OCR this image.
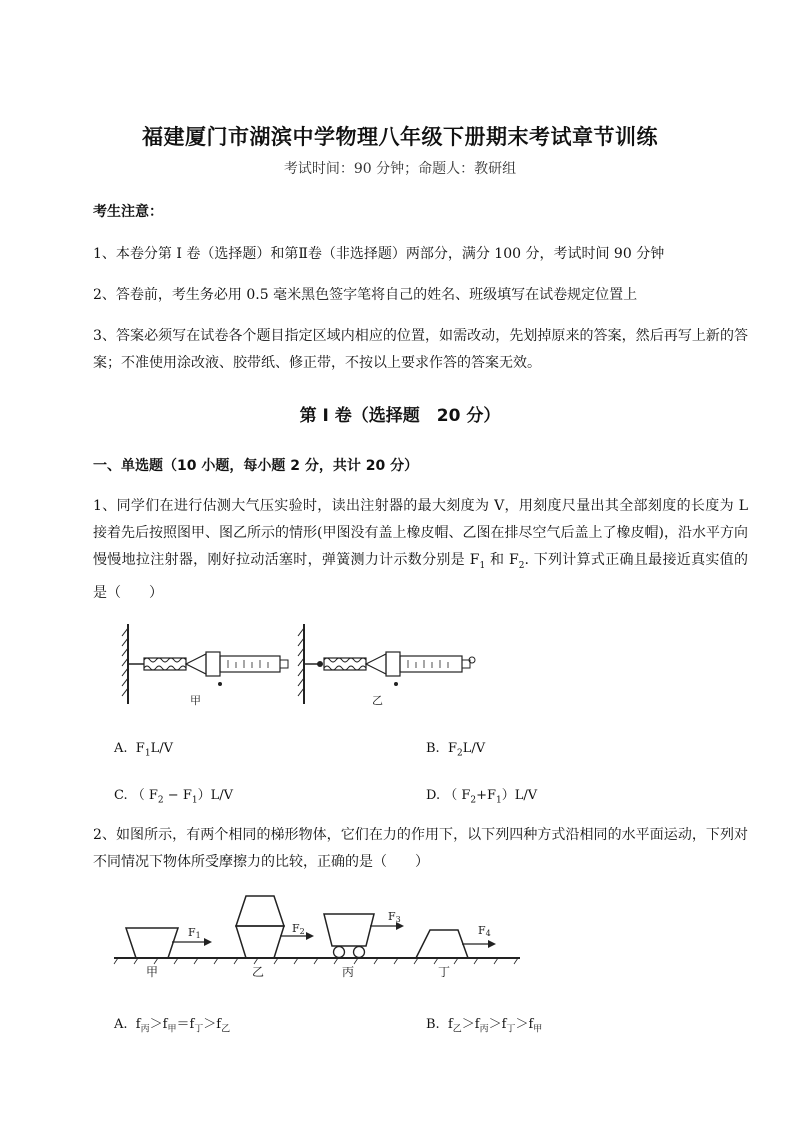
福建厦门市湖滨中学物理八年级下册期末考试章节训练
考试时间：90 分钟；命题人：教研组
考生注意：
1、本卷分第 I 卷（选择题）和第Ⅱ卷（非选择题）两部分，满分 100 分，考试时间 90 分钟
2、答卷前，考生务必用 0.5 毫米黑色签字笔将自己的姓名、班级填写在试卷规定位置上
3、答案必须写在试卷各个题目指定区域内相应的位置，如需改动，先划掉原来的答案，然后再写上新的答案；不准使用涂改液、胶带纸、修正带，不按以上要求作答的答案无效。
第 I 卷（选择题　20 分）
一、单选题（10 小题，每小题 2 分，共计 20 分）
1、同学们在进行估测大气压实验时，读出注射器的最大刻度为 V，用刻度尺量出其全部刻度的长度为 L 接着先后按照图甲、图乙所示的情形(甲图没有盖上橡皮帽、乙图在排尽空气后盖上了橡皮帽)，沿水平方向慢慢地拉注射器，刚好拉动活塞时，弹簧测力计示数分别是 $F_1$ 和 $F_2$. 下列计算式正确且最接近真实值的是（　　）
甲	乙
A. $F_1L/V$	B. $F_2L/V$
C. （ $F_2 - F_1)L/V$	D. （ $F_2+F_1)L/V$
2、如图所示，有两个相同的梯形物体，它们在力的作用下，以下列四种方式沿相同的水平面运动，下列对不同情况下物体所受摩擦力的比较，正确的是（　　）
F1
F2
F3
F4
甲	乙	丙	丁
A. $f_丙>f_甲=f_丁>f_乙$	B. $f_乙>f_丙>f_丁>f_甲$
